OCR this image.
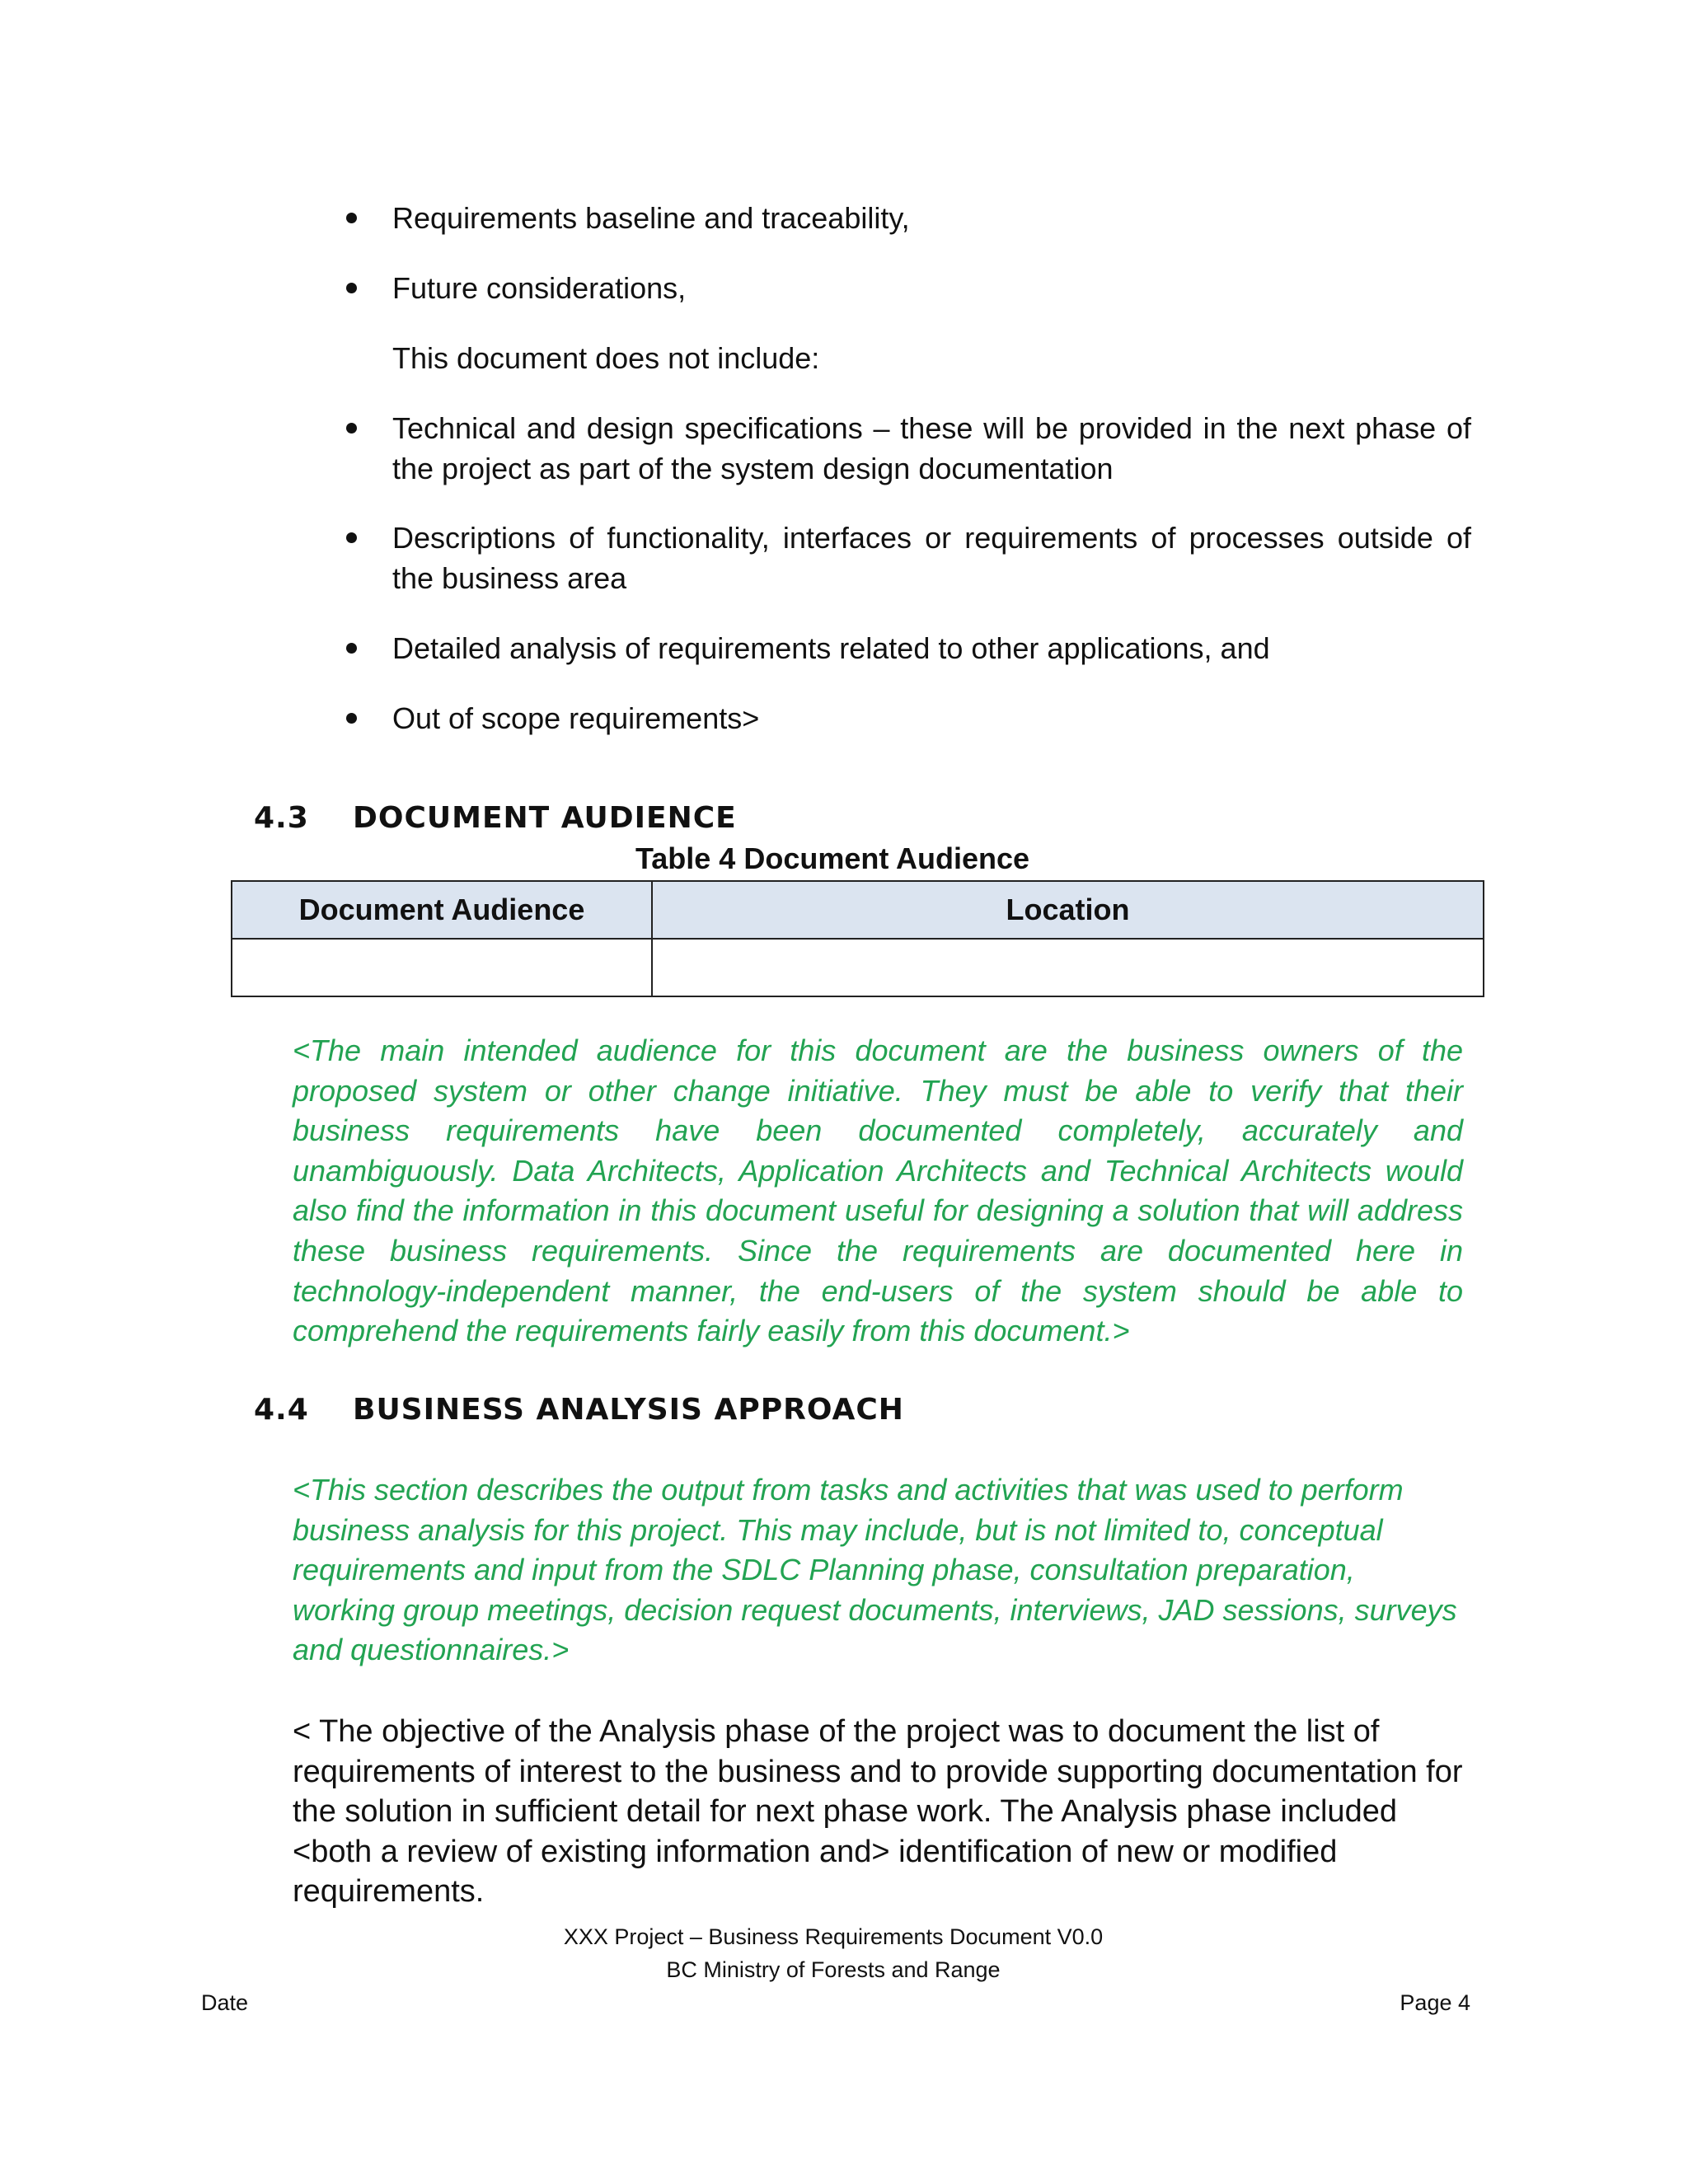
Requirements baseline and traceability,
Future considerations,
This document does not include:
Technical and design specifications – these will be provided in the next phase of the project as part of the system design documentation
Descriptions of functionality, interfaces or requirements of processes outside of the business area
Detailed analysis of requirements related to other applications, and
Out of scope requirements>
4.3 DOCUMENT AUDIENCE
Table 4 Document Audience
Document Audience	Location

<The main intended audience for this document are the business owners of the proposed system or other change initiative. They must be able to verify that their business requirements have been documented completely, accurately and unambiguously. Data Architects, Application Architects and Technical Architects would also find the information in this document useful for designing a solution that will address these business requirements. Since the requirements are documented here in technology-independent manner, the end-users of the system should be able to comprehend the requirements fairly easily from this document.>
4.4 BUSINESS ANALYSIS APPROACH
<This section describes the output from tasks and activities that was used to perform business analysis for this project. This may include, but is not limited to, conceptual requirements and input from the SDLC Planning phase, consultation preparation, working group meetings, decision request documents, interviews, JAD sessions, surveys and questionnaires.>
< The objective of the Analysis phase of the project was to document the list of requirements of interest to the business and to provide supporting documentation for the solution in sufficient detail for next phase work. The Analysis phase included <both a review of existing information and> identification of new or modified requirements.
XXX Project – Business Requirements Document V0.0
BC Ministry of Forests and Range
Date	Page 4
